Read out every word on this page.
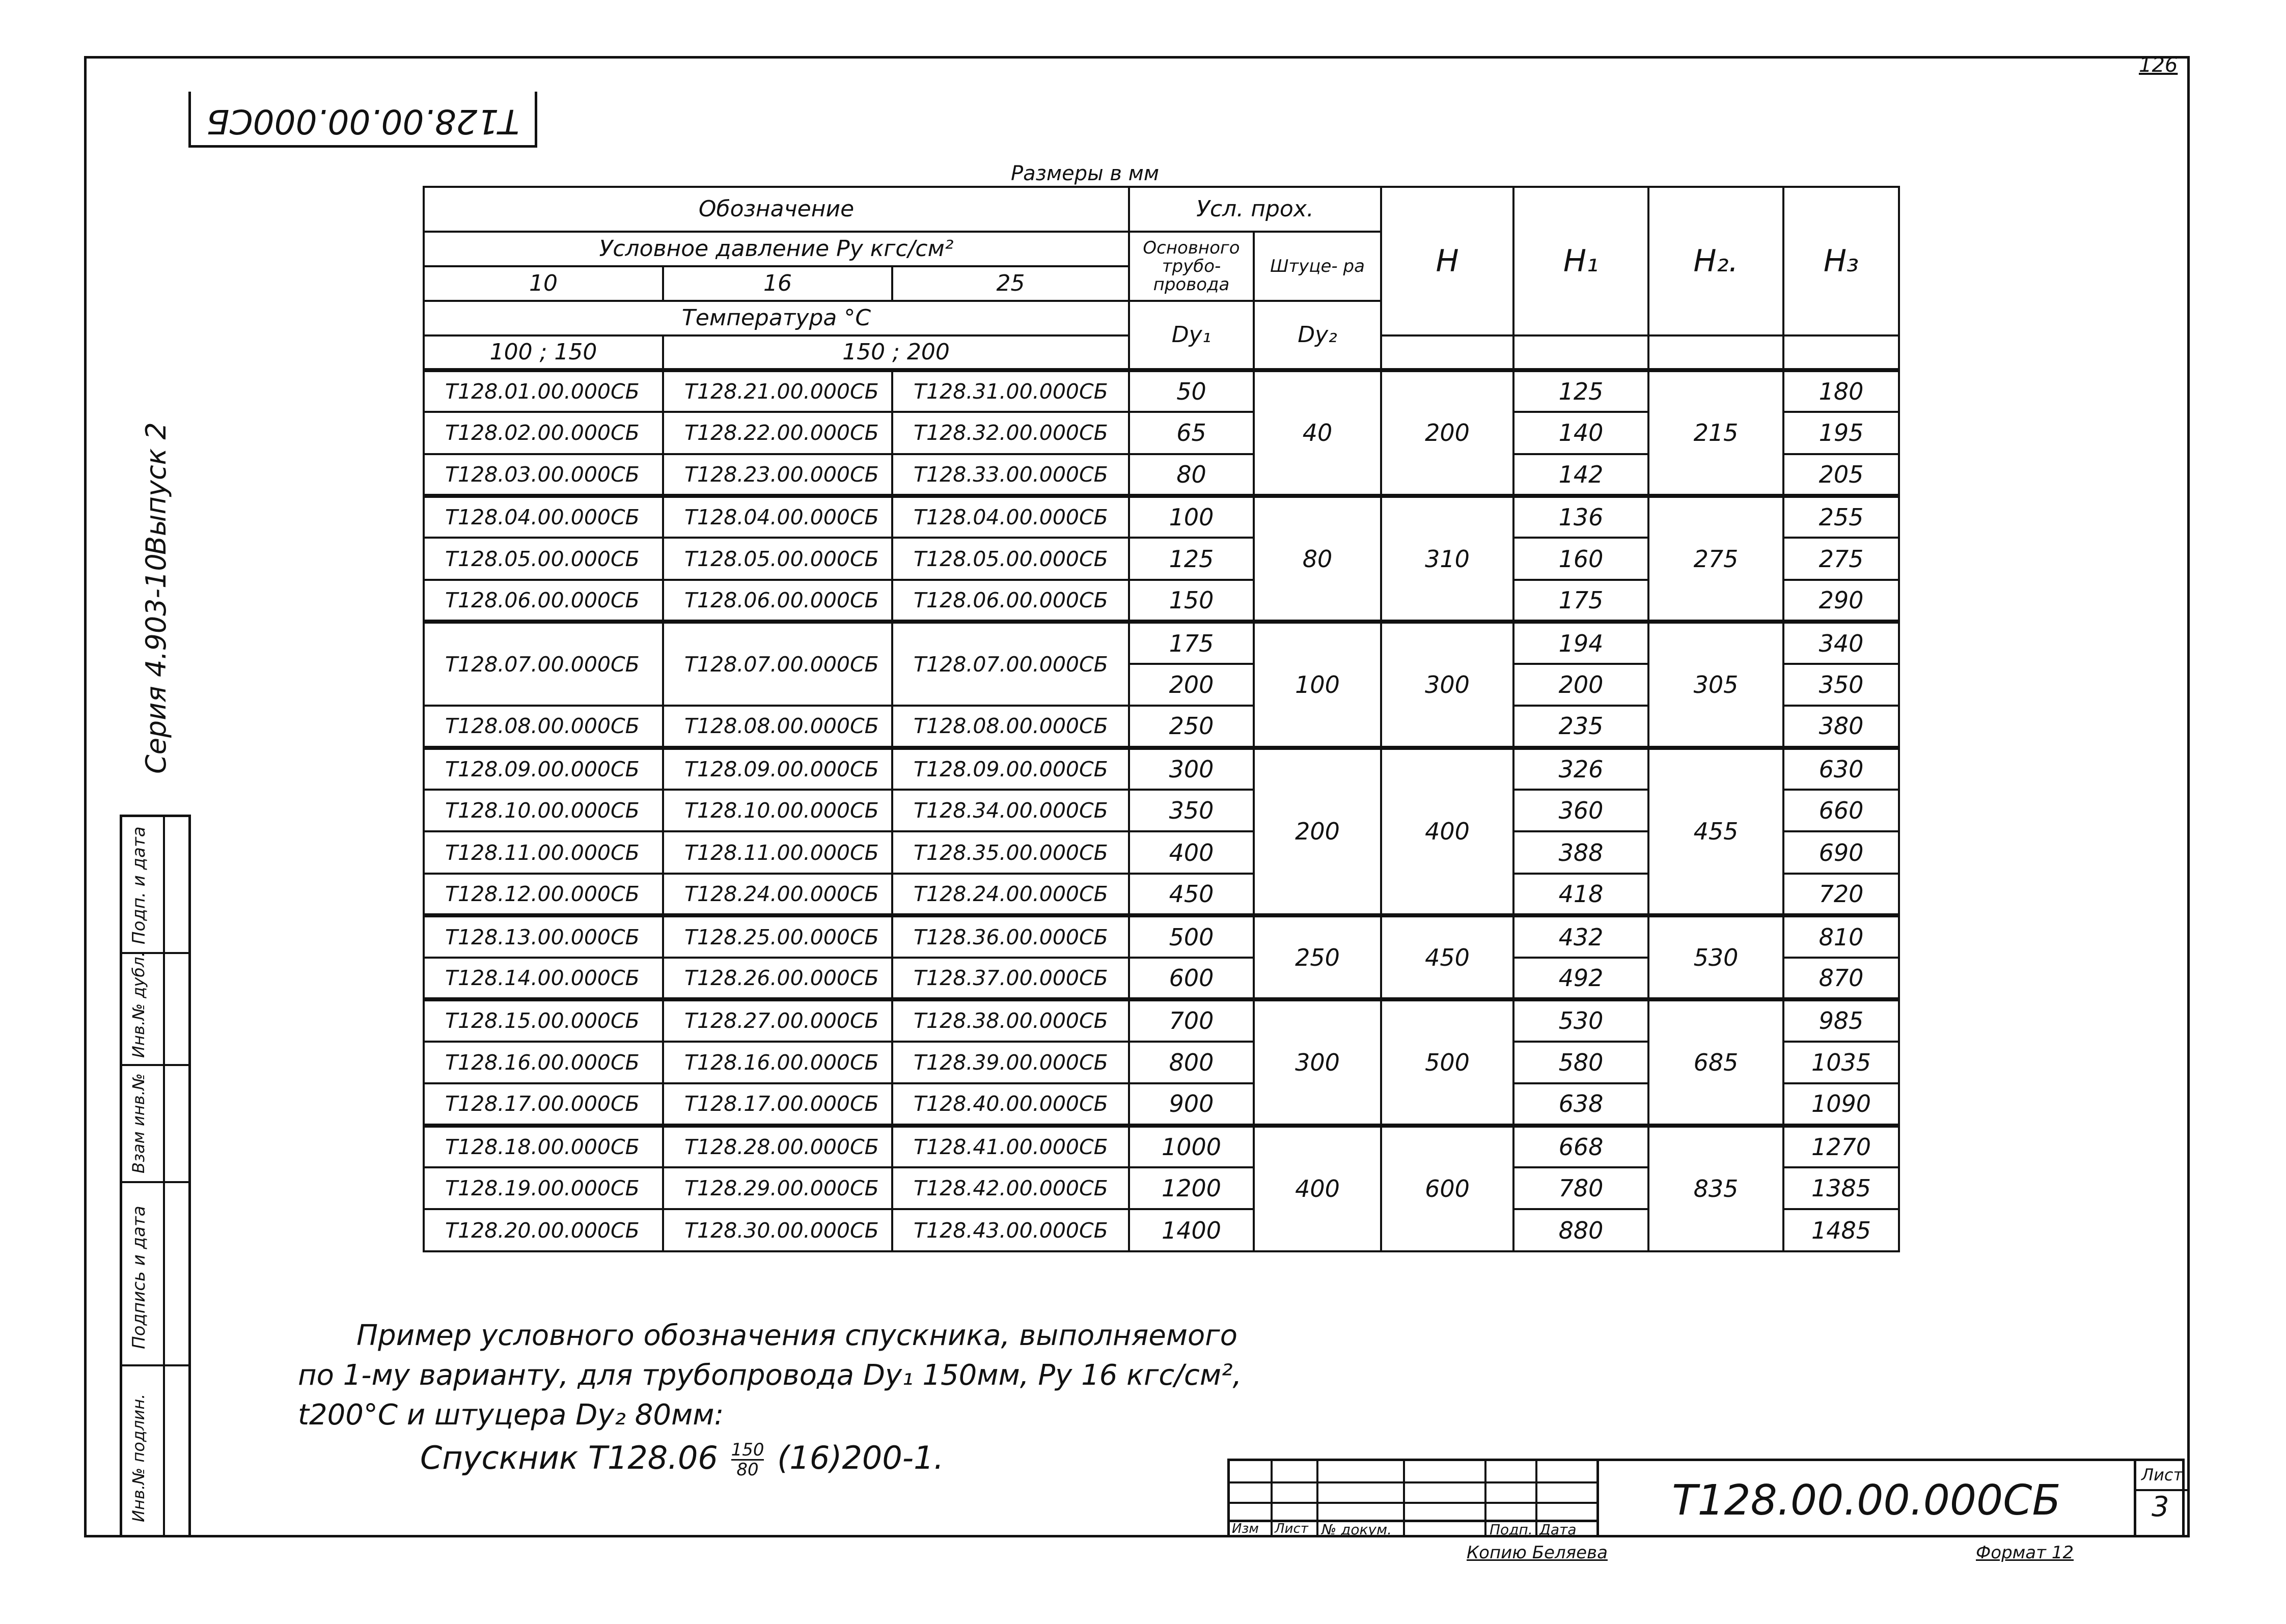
126
Т128.00.00.000СБ
Размеры в мм
Серия 4.903-10
Выпуск 2
Подп. и дата
Инв.№ дубл.
Взам инв.№
Подпись и дата
Инв.№ подлин.
Обозначение			Усл. прох.		H	H₁	H₂.	H₃
Условное давление Ру кгс/см²			Основного трубо- провода	Штуце- ра				
10	16	25						
Температура °С			Dy₁	Dy₂				
100 ; 150	150 ; 200							
Т128.01.00.000СБ	Т128.21.00.000СБ	Т128.31.00.000СБ	50	40	200	125	215	180
Т128.02.00.000СБ	Т128.22.00.000СБ	Т128.32.00.000СБ	65			140		195
Т128.03.00.000СБ	Т128.23.00.000СБ	Т128.33.00.000СБ	80			142		205
Т128.04.00.000СБ	Т128.04.00.000СБ	Т128.04.00.000СБ	100	80	310	136	275	255
Т128.05.00.000СБ	Т128.05.00.000СБ	Т128.05.00.000СБ	125			160		275
Т128.06.00.000СБ	Т128.06.00.000СБ	Т128.06.00.000СБ	150			175		290
Т128.07.00.000СБ	Т128.07.00.000СБ	Т128.07.00.000СБ	175	100	300	194	305	340
			200			200		350
Т128.08.00.000СБ	Т128.08.00.000СБ	Т128.08.00.000СБ	250			235		380
Т128.09.00.000СБ	Т128.09.00.000СБ	Т128.09.00.000СБ	300	200	400	326	455	630
Т128.10.00.000СБ	Т128.10.00.000СБ	Т128.34.00.000СБ	350			360		660
Т128.11.00.000СБ	Т128.11.00.000СБ	Т128.35.00.000СБ	400			388		690
Т128.12.00.000СБ	Т128.24.00.000СБ	Т128.24.00.000СБ	450			418		720
Т128.13.00.000СБ	Т128.25.00.000СБ	Т128.36.00.000СБ	500	250	450	432	530	810
Т128.14.00.000СБ	Т128.26.00.000СБ	Т128.37.00.000СБ	600			492		870
Т128.15.00.000СБ	Т128.27.00.000СБ	Т128.38.00.000СБ	700	300	500	530	685	985
Т128.16.00.000СБ	Т128.16.00.000СБ	Т128.39.00.000СБ	800			580		1035
Т128.17.00.000СБ	Т128.17.00.000СБ	Т128.40.00.000СБ	900			638		1090
Т128.18.00.000СБ	Т128.28.00.000СБ	Т128.41.00.000СБ	1000	400	600	668	835	1270
Т128.19.00.000СБ	Т128.29.00.000СБ	Т128.42.00.000СБ	1200			780		1385
Т128.20.00.000СБ	Т128.30.00.000СБ	Т128.43.00.000СБ	1400			880		1485
Пример условного обозначения спускника, выполняемого
по 1-му варианту, для трубопровода Dy₁ 150мм, Ру 16 кгс/см²,
t200°С и штуцера Dy₂ 80мм:
Спускник $Т128.06 \frac{150}{80} (16)200-1$.
Изм Лист № докум.	Подп. Дата
Т128.00.00.000СБ
Лист
3
Копию Беляева	Формат 12
